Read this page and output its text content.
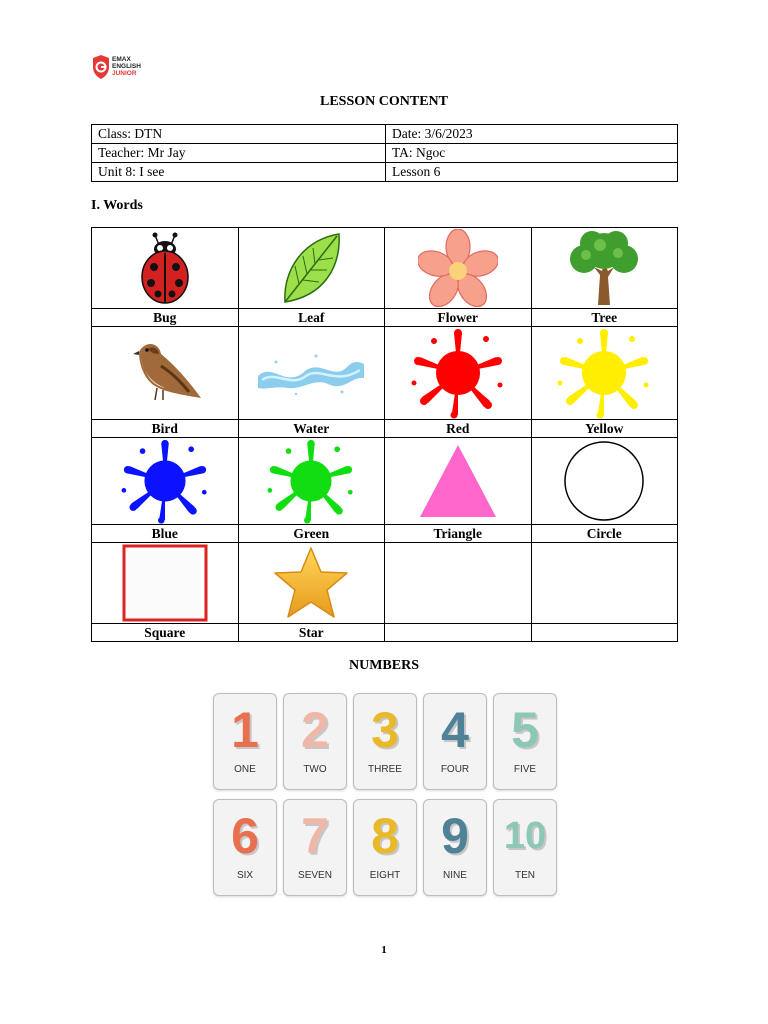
EMAX
ENGLISH
JUNIOR
LESSON CONTENT
Class: DTN	Date: 3/6/2023
Teacher: Mr Jay	TA: Ngoc
Unit 8: I see	Lesson 6
I. Words

Bug	Leaf	Flower	Tree

Bird	Water	Red	Yellow

Blue	Green	Triangle	Circle

Square	Star		
NUMBERS
1
ONE
2
TWO
3
THREE
4
FOUR
5
FIVE
6
SIX
7
SEVEN
8
EIGHT
9
NINE
10
TEN
1
